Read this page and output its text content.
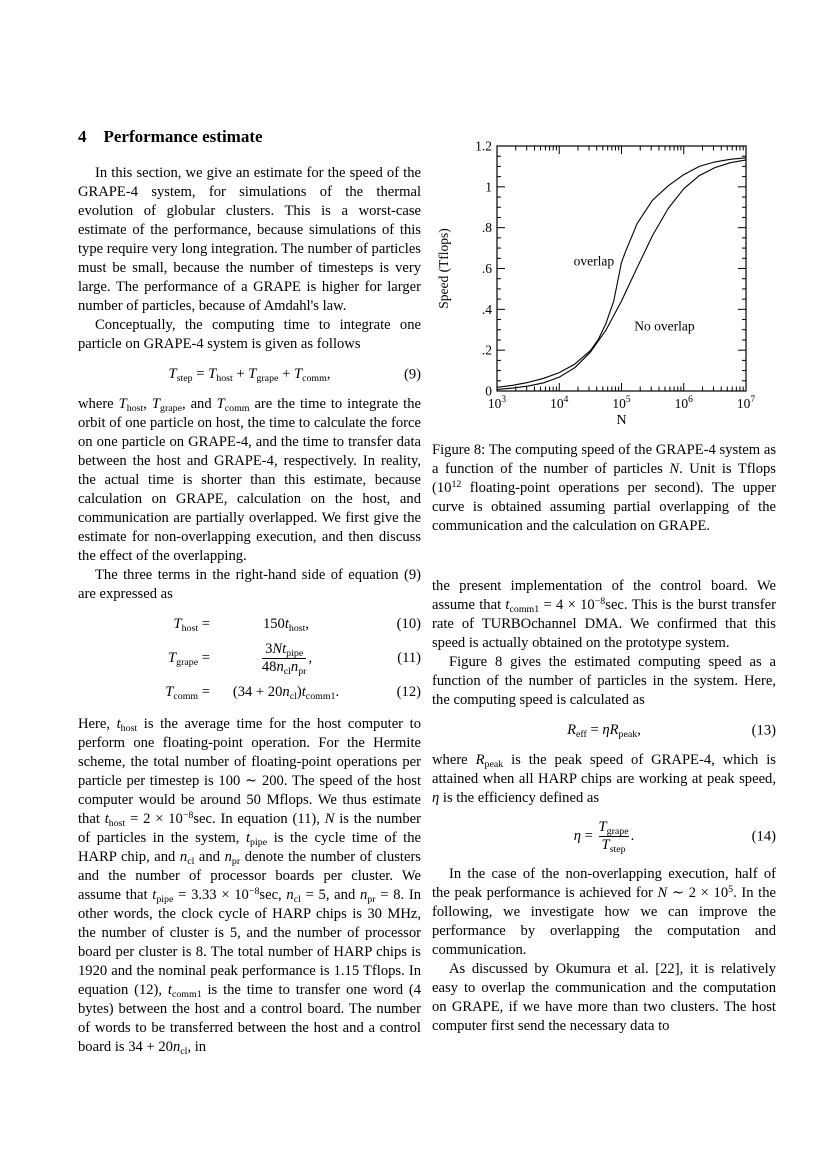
4 Performance estimate

In this section, we give an estimate for the speed of the GRAPE-4 system, for simulations of the thermal evolution of globular clusters. This is a worst-case estimate of the performance, because simulations of this type require very long integration. The number of particles must be small, because the number of timesteps is very large. The performance of a GRAPE is higher for larger number of particles, because of Amdahl's law.

Conceptually, the computing time to integrate one particle on GRAPE-4 system is given as follows

$T_{step} = T_{host} + T_{grape} + T_{comm}$,	(9)

where $T_{host}$, $T_{grape}$, and $T_{comm}$ are the time to integrate the orbit of one particle on host, the time to calculate the force on one particle on GRAPE-4, and the time to transfer data between the host and GRAPE-4, respectively. In reality, the actual time is shorter than this estimate, because calculation on GRAPE, calculation on the host, and communication are partially overlapped. We first give the estimate for non-overlapping execution, and then discuss the effect of the overlapping.

The three terms in the right-hand side of equation (9) are expressed as

$T_{host}$ =	$150t_{host}$,	(10)
$T_{grape}$ =	$\frac{3Nt_{pipe}}{48n_{cl}n_{pr}}$ ,	(11)
$T_{comm}$ =	$(34 + 20n_{cl})t_{comm1}$.	(12)

Here, $t_{host}$ is the average time for the host computer to perform one floating-point operation. For the Hermite scheme, the total number of floating-point operations per particle per timestep is 100 ∼ 200. The speed of the host computer would be around 50 Mflops. We thus estimate that $t_{host} = 2 \times 10^{-8}\sec$. In equation (11), N is the number of particles in the system, $t_{pipe}$ is the cycle time of the HARP chip, and $n_{cl}$ and $n_{pr}$ denote the number of clusters and the number of processor boards per cluster. We assume that $t_{pipe} = 3.33 \times 10^{-8}\sec$, $n_{cl} = 5$, and $n_{pr} = 8$. In other words, the clock cycle of HARP chips is 30 MHz, the number of cluster is 5, and the number of processor board per cluster is 8. The total number of HARP chips is 1920 and the nominal peak performance is 1.15 Tflops. In equation (12), $t_{comm1}$ is the time to transfer one word (4 bytes) between the host and a control board. The number of words to be transferred between the host and a control board is $34 + 20n_{cl}$, in

$10^3$	$10^4$	$10^5$	$10^6$	$10^7$
0
.2
.4
.6
.8
1
1.2
overlap
No overlap
N
Speed (Tflops)

Figure 8: The computing speed of the GRAPE-4 system as a function of the number of particles N. Unit is Tflops ($10^{12}$ floating-point operations per second). The upper curve is obtained assuming partial overlapping of the communication and the calculation on GRAPE.

the present implementation of the control board. We assume that $t_{comm1} = 4 \times 10^{-8}\sec$. This is the burst transfer rate of TURBOchannel DMA. We confirmed that this speed is actually obtained on the prototype system.

Figure 8 gives the estimated computing speed as a function of the number of particles in the system. Here, the computing speed is calculated as

$R_{eff} = \eta R_{peak}$,	(13)

where $R_{peak}$ is the peak speed of GRAPE-4, which is attained when all HARP chips are working at peak speed, η is the efficiency defined as

$\eta = \frac{T_{grape}}{T_{step}}$ .	(14)

In the case of the non-overlapping execution, half of the peak performance is achieved for N ∼ $2 \times 10^5$. In the following, we investigate how we can improve the performance by overlapping the computation and communication.

As discussed by Okumura et al. [22], it is relatively easy to overlap the communication and the computation on GRAPE, if we have more than two clusters. The host computer first send the necessary data to
